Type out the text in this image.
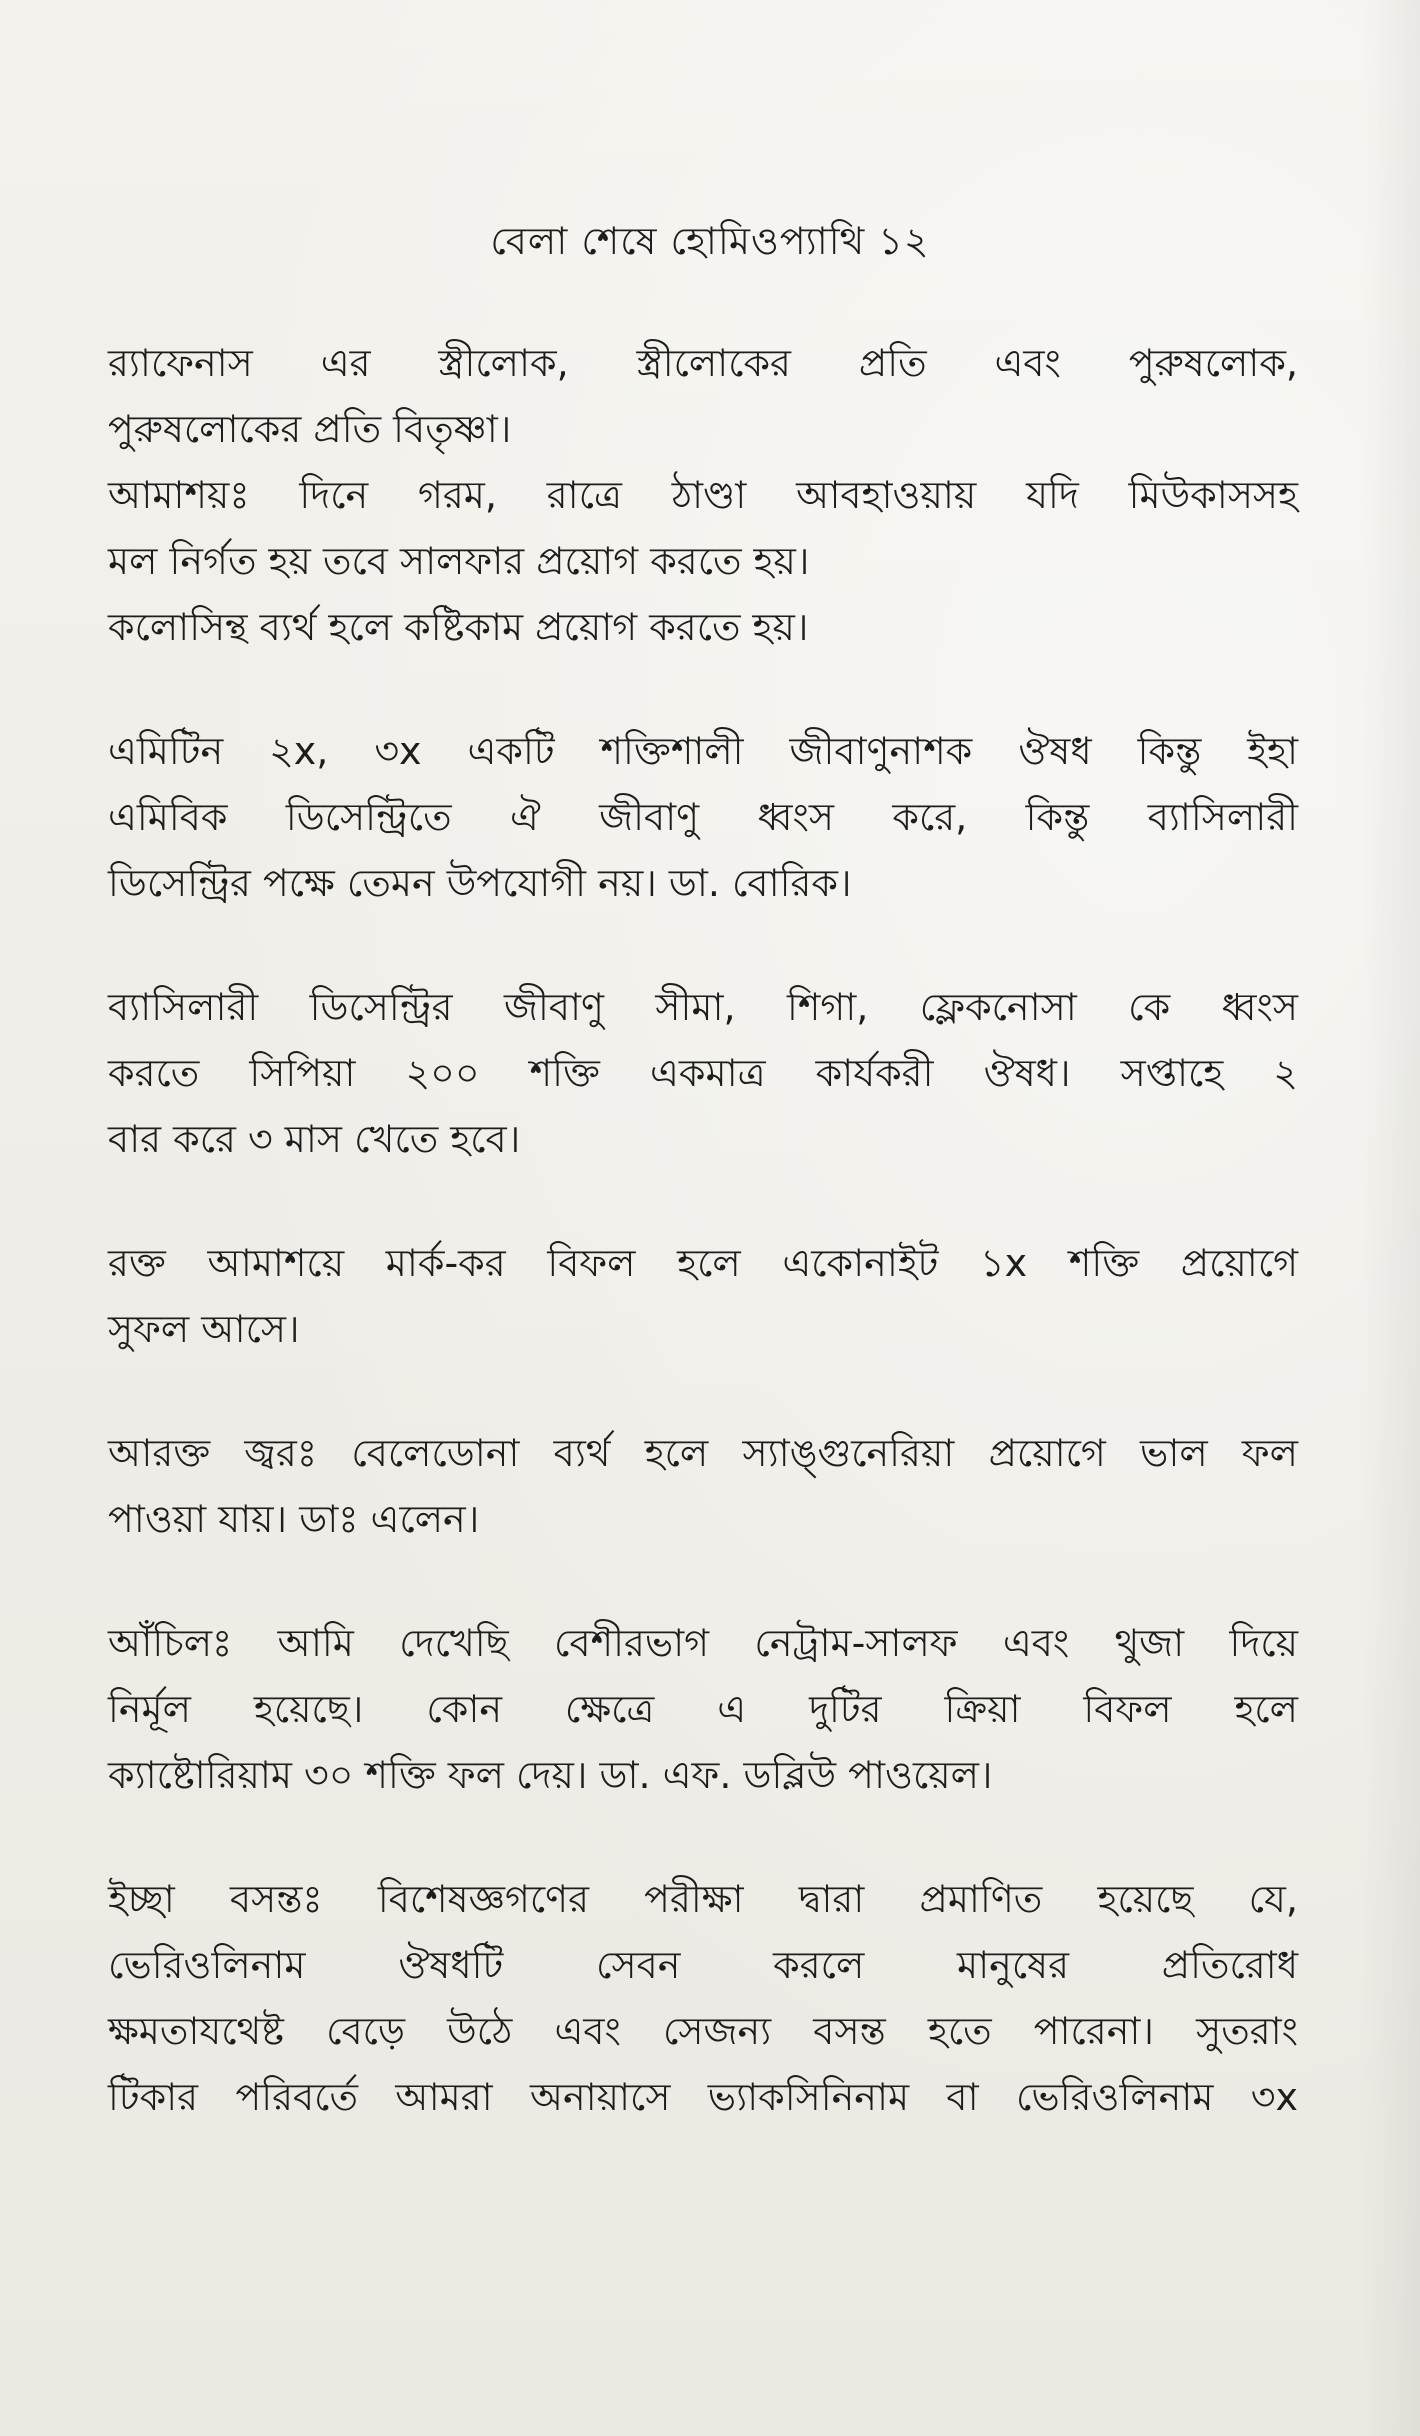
বেলা শেষে হোমিওপ্যাথি ১২
র‍্যাফেনাস এর স্ত্রীলোক, স্ত্রীলোকের প্রতি এবং পুরুষলোক,
পুরুষলোকের প্রতি বিতৃষ্ণা।
আমাশয়ঃ দিনে গরম, রাত্রে ঠাণ্ডা আবহাওয়ায় যদি মিউকাসসহ
মল নির্গত হয় তবে সালফার প্রয়োগ করতে হয়।
কলোসিন্থ ব্যর্থ হলে কষ্টিকাম প্রয়োগ করতে হয়।
এমিটিন ২x, ৩x একটি শক্তিশালী জীবাণুনাশক ঔষধ কিন্তু ইহা
এমিবিক ডিসেন্ট্রিতে ঐ জীবাণু ধ্বংস করে, কিন্তু ব্যাসিলারী
ডিসেন্ট্রির পক্ষে তেমন উপযোগী নয়। ডা. বোরিক।
ব্যাসিলারী ডিসেন্ট্রির জীবাণু সীমা, শিগা, ফ্লেকনোসা কে ধ্বংস
করতে সিপিয়া ২০০ শক্তি একমাত্র কার্যকরী ঔষধ। সপ্তাহে ২
বার করে ৩ মাস খেতে হবে।
রক্ত আমাশয়ে মার্ক-কর বিফল হলে একোনাইট ১x শক্তি প্রয়োগে
সুফল আসে।
আরক্ত জ্বরঃ বেলেডোনা ব্যর্থ হলে স্যাঙ্গুনেরিয়া প্রয়োগে ভাল ফল
পাওয়া যায়। ডাঃ এলেন।
আঁচিলঃ আমি দেখেছি বেশীরভাগ নেট্রাম-সালফ এবং থুজা দিয়ে
নির্মূল হয়েছে। কোন ক্ষেত্রে এ দুটির ক্রিয়া বিফল হলে
ক্যাষ্টোরিয়াম ৩০ শক্তি ফল দেয়। ডা. এফ. ডব্লিউ পাওয়েল।
ইচ্ছা বসন্তঃ বিশেষজ্ঞগণের পরীক্ষা দ্বারা প্রমাণিত হয়েছে যে,
ভেরিওলিনাম ঔষধটি সেবন করলে মানুষের প্রতিরোধ
ক্ষমতাযথেষ্ট বেড়ে উঠে এবং সেজন্য বসন্ত হতে পারেনা। সুতরাং
টিকার পরিবর্তে আমরা অনায়াসে ভ্যাকসিনিনাম বা ভেরিওলিনাম ৩x
